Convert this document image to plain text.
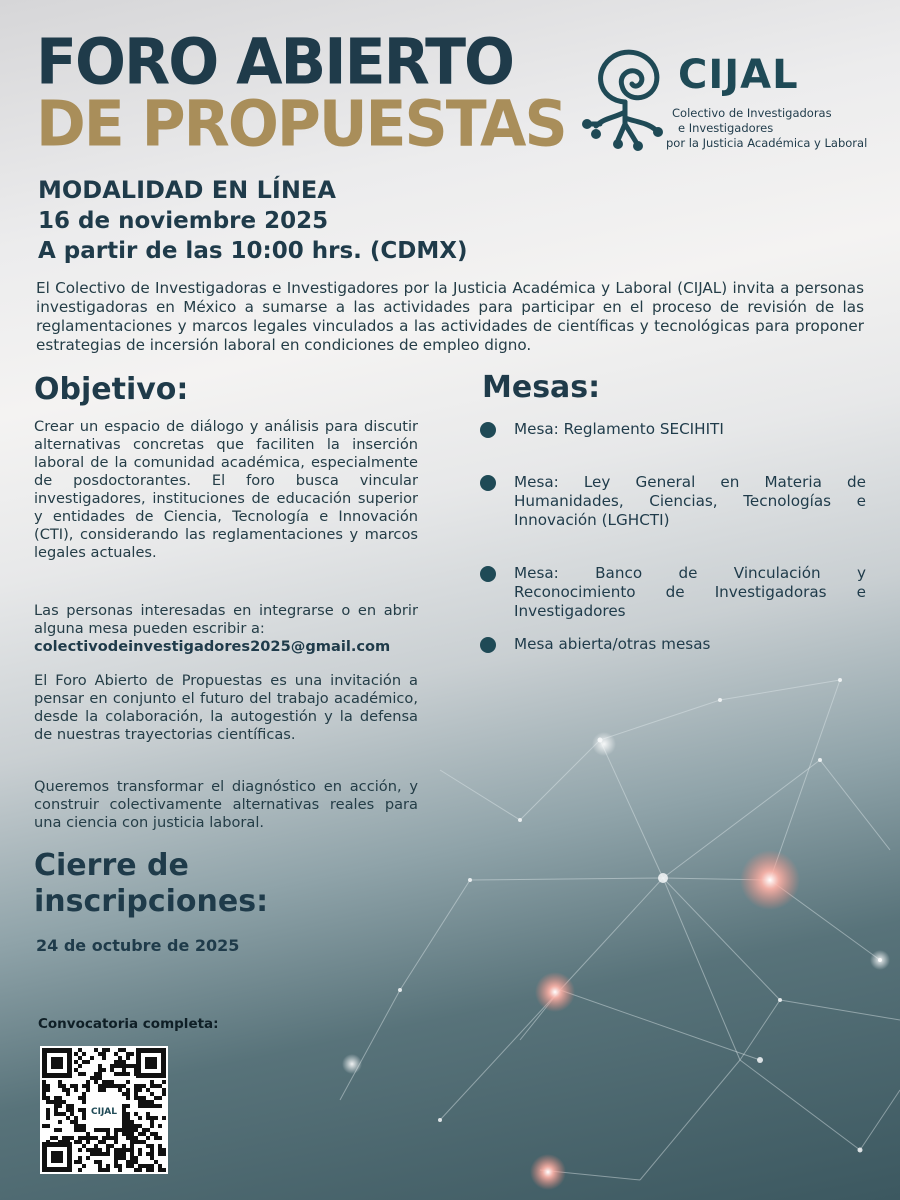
FORO ABIERTO
DE PROPUESTAS
CIJAL
Colectivo de Investigadoras
e Investigadores
por la Justicia Académica y Laboral
MODALIDAD EN LÍNEA
16 de noviembre 2025
A partir de las 10:00 hrs. (CDMX)

El Colectivo de Investigadoras e Investigadores por la Justicia Académica y Laboral (CIJAL) invita a personas investigadoras en México a sumarse a las actividades para participar en el proceso de revisión de las reglamentaciones y marcos legales vinculados a las actividades de científicas y tecnológicas para proponer estrategias de incersión laboral en condiciones de empleo digno.

Objetivo:

Crear un espacio de diálogo y análisis para discutir alternativas concretas que faciliten la inserción laboral de la comunidad académica, especialmente de posdoctorantes. El foro busca vincular investigadores, instituciones de educación superior y entidades de Ciencia, Tecnología e Innovación (CTI), considerando las reglamentaciones y marcos legales actuales.

Las personas interesadas en integrarse o en abrir alguna mesa pueden escribir a:
colectivodeinvestigadores2025@gmail.com

El Foro Abierto de Propuestas es una invitación a pensar en conjunto el futuro del trabajo académico, desde la colaboración, la autogestión y la defensa de nuestras trayectorias científicas.

Queremos transformar el diagnóstico en acción, y construir colectivamente alternativas reales para una ciencia con justicia laboral.

Cierre de
inscripciones:
24 de octubre de 2025
Convocatoria completa:
CIJAL
Mesas:
Mesa: Reglamento SECIHITI
Mesa: Ley General en Materia de Humanidades, Ciencias, Tecnologías e Innovación (LGHCTI)
Mesa: Banco de Vinculación y Reconocimiento de Investigadoras e Investigadores
Mesa abierta/otras mesas
